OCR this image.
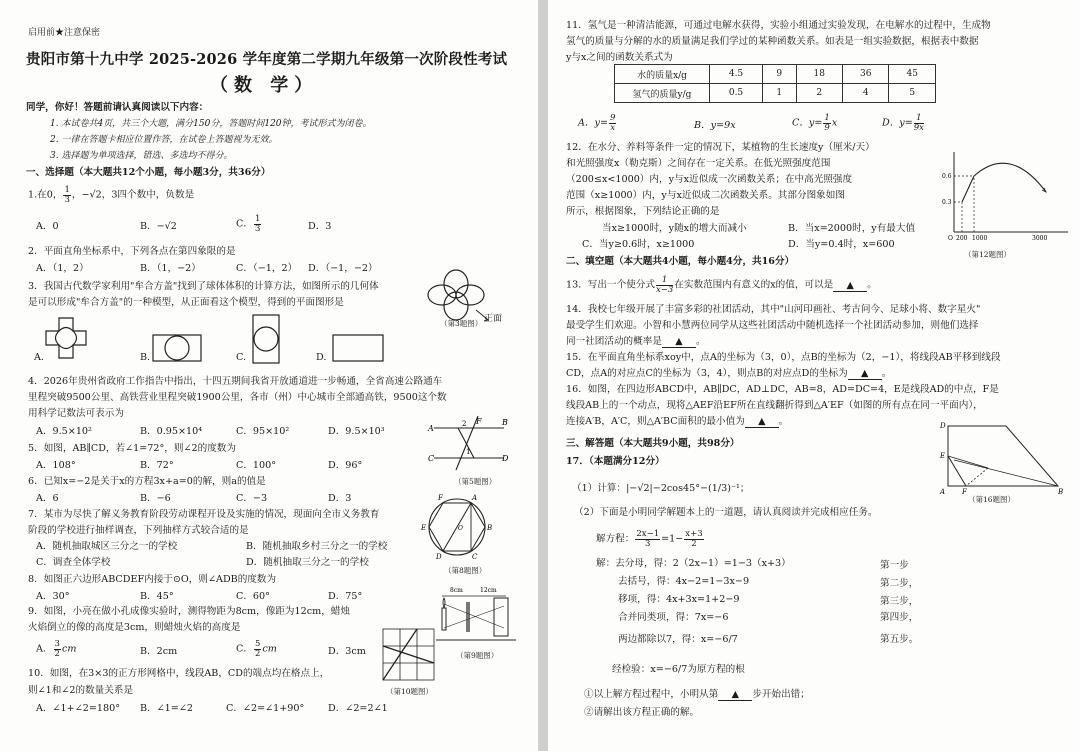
启用前★注意保密
贵阳市第十九中学 2025-2026 学年度第二学期九年级第一次阶段性考试
（数 学）
同学，你好！答题前请认真阅读以下内容：
1. 本试卷共4页，共三个大题，满分150分，答题时间120钟，考试形式为闭卷。
2. 一律在答题卡相应位置作答，在试卷上答题视为无效。
3. 选择题为单项选择，错选、多选均不得分。
一、选择题（本大题共12个小题，每小题3分，共36分）
1.在0， $\frac{1}{3}$ ，−√2，3四个数中，负数是
A．0	B．−√2	C． $\frac{1}{3}$	D．3
2．平面直角坐标系中，下列各点在第四象限的是
A．（1，2）	B．（1，−2）	C．（−1，2） D．（−1，−2）
3．我国古代数学家利用"牟合方盖"找到了球体体积的计算方法，如图所示的几何体
是可以形成"牟合方盖"的一种模型，从正面看这个模型，得到的平面图形是
（第3题图） 正面
A.	B.	C.	D.
4．2026年贵州省政府工作指告中指出，十四五期间我省开放通道进一步畅通，全省高速公路通车
里程突破9500公里、高铁营业里程突破1900公里，各市（州）中心城市全部通高铁，9500这个数
用科学记数法可表示为
A．9.5×10²	B．0.95×10⁴	C．95×10²	D．9.5×10³
5．如图，AB∥CD，若∠1=72°，则∠2的度数为
A．108°	B．72°	C．100°	D．96°
A
B
C	D
F
1
2
（第5题图）
6．已知x=−2是关于x的方程3x+a=0的解，则a的值是
A．6	B．−6	C．−3	D．3
7．某市为尽快了解义务教育阶段劳动课程开设及实施的情况，现面向全市义务教育
阶段的学校进行抽样调查，下列抽样方式较合适的是
A．随机抽取城区三分之一的学校	B．随机抽取乡村三分之一的学校
C．调查全体学校	D．随机抽取三分之一的学校
8．如图正六边形ABCDEF内接于⊙O，则∠ADB的度数为
A．30°	B．45°	C．60°	D．75°
F	A
E	B
D	C
O
（第8题图）
9．如图，小亮在做小孔成像实验时，测得物距为8cm，像距为12cm，蜡烛
火焰倒立的像的高度是3cm，则蜡烛火焰的高度是
A． $\frac{3}{2}$ cm	B．2cm	C． $\frac{5}{2}$ cm	D．3cm
8cm	12cm
（第9题图）
10．如图，在3×3的正方形网格中，线段AB，CD的端点均在格点上，
则∠1和∠2的数量关系是
A．∠1+∠2=180° B．∠1=∠2	C．∠2=∠1+90° D．∠2=2∠1
（第10题图）
11．氢气是一种清洁能源，可通过电解水获得，实验小组通过实验发现，在电解水的过程中，生成物
氢气的质量与分解的水的质量满足我们学过的某种函数关系。如表是一组实验数据，根据表中数据
y与x之间的函数关系式为
水的质量x/g	4.5	9	18	36	45
氢气的质量y/g	0.5	1	2	4	5
A．$y= \frac{9}{x}$	B．y=9x	C．$y= \frac{1}{9}$ x	D．$y= \frac{1}{9x}$
12．在水分、养料等条件一定的情况下，某植物的生长速度y（厘米/天）
和光照强度x（勒克斯）之间存在一定关系。在低光照强度范围
（200≤x<1000）内，y与x近似成一次函数关系；在中高光照强度
范围（x≥1000）内，y与x近似成二次函数关系。其部分图象如图
所示，根据图象，下列结论正确的是
当x≥1000时，y随x的增大而减小	B．当x=2000时，y有最大值
C．当y≥0.6时，x≥1000	D．当y=0.4时，x=600
0.6
0.3
200 1000	3000
O
（第12题图）
二、填空题（本大题共4小题，每小题4分，共16分）
13．写出一个使分式 $\frac{1}{x-3}$ 在实数范围内有意义的x的值，可以是 ▲ 。
14．我校七年级开展了丰富多彩的社团活动，其中"山河印画社、考古问今、足球小将、数字星火"
最受学生们欢迎。小智和小慧两位同学从这些社团活动中随机选择一个社团活动参加，则他们选择
同一社团活动的概率是 ▲ 。
15．在平面直角坐标系xoy中，点A的坐标为（3，0），点B的坐标为（2，−1），将线段AB平移到线段
CD，点A的对应点C的坐标为（3，4），则点B的对应点D的坐标为 ▲ 。
16．如图，在四边形ABCD中，AB∥DC，AD⊥DC，AB=8，AD=DC=4，E是线段AD的中点，F是
线段AB上的一个动点，现将△AEF沿EF所在直线翻折得到△A′EF（如图的所有点在同一平面内），
连接A′B，A′C，则△A′BC面积的最小值为 ▲ 。	D
E
A F	B
（第16题图）
三、解答题（本大题共9小题，共98分）
17．（本题满分12分）
（1）计算：|−√2|−2cos45°−(1/3)⁻¹；
（2）下面是小明同学解题本上的一道题，请认真阅读并完成相应任务。
解方程： $\frac{2x-1}{3} =1- \frac{x+3}{2}$
解：去分母，得：2（2x−1）=1−3（x+3）
去括号，得：4x−2=1−3x−9
移项，得：4x+3x=1+2−9
合并同类项，得：7x=−6
两边都除以7，得：x=−6/7
第一步
第二步，
第三步，
第四步，
第五步。
经检验：x=−6/7为原方程的根
①以上解方程过程中，小明从第 ▲ 步开始出错；
②请解出该方程正确的解。
